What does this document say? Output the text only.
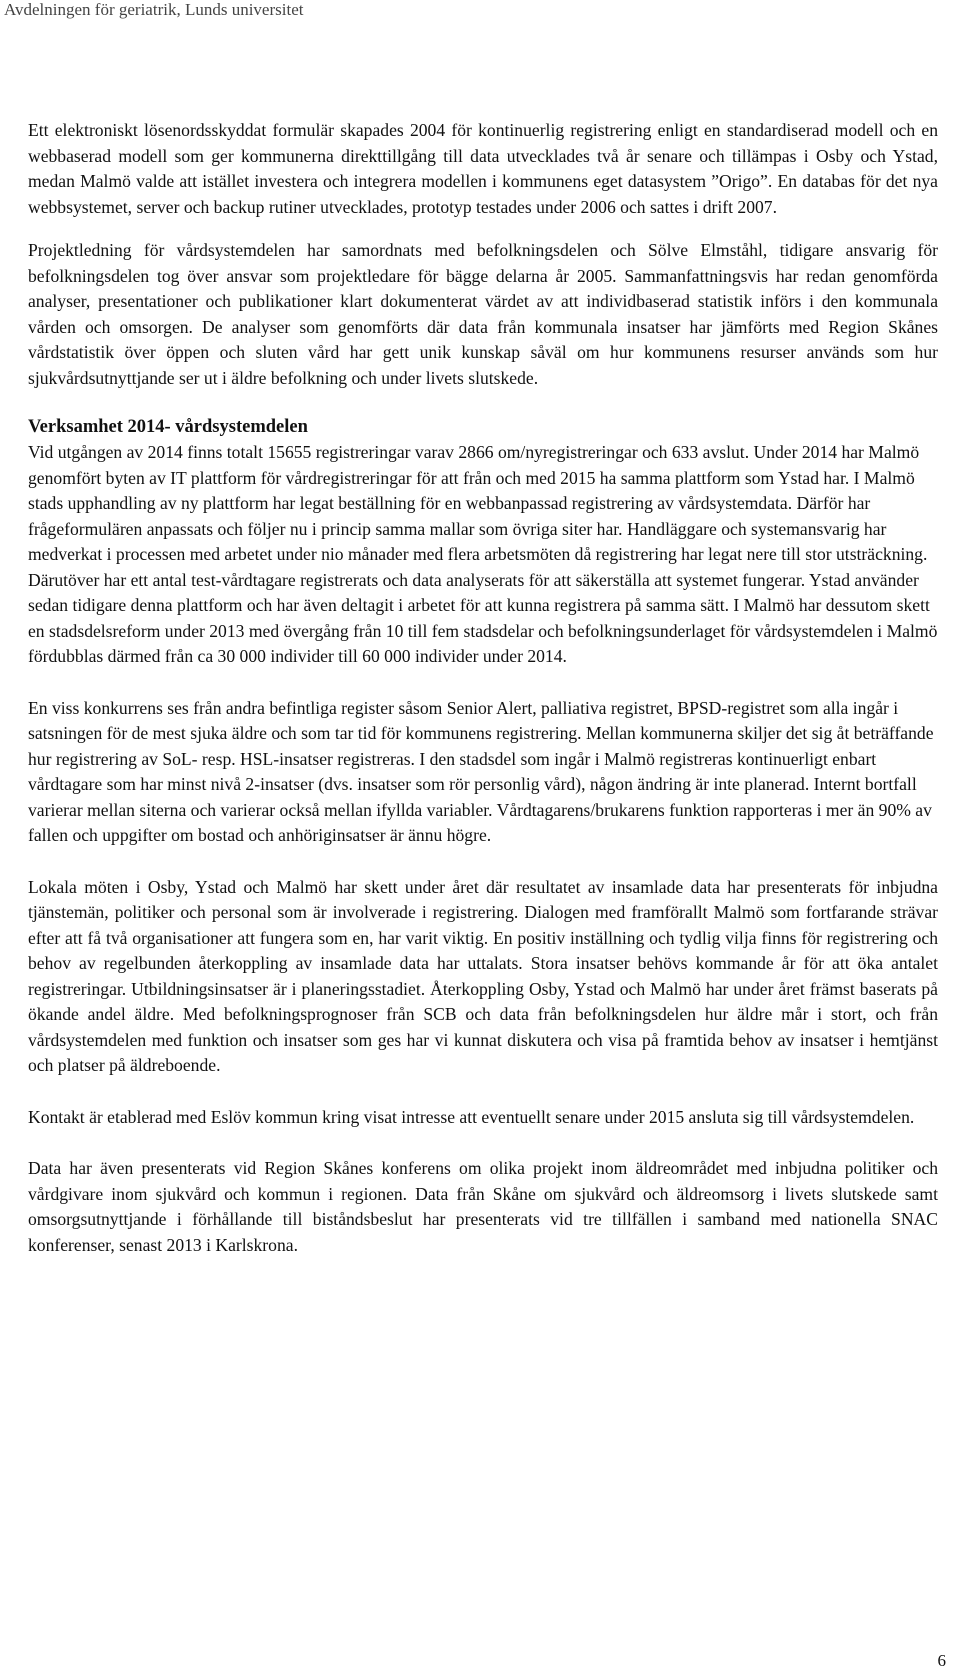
Avdelningen för geriatrik, Lunds universitet

Ett elektroniskt lösenordsskyddat formulär skapades 2004 för kontinuerlig registrering enligt en standardiserad modell och en webbaserad modell som ger kommunerna direkttillgång till data utvecklades två år senare och tillämpas i Osby och Ystad, medan Malmö valde att istället investera och integrera modellen i kommunens eget datasystem ”Origo”. En databas för det nya webbsystemet, server och backup rutiner utvecklades, prototyp testades under 2006 och sattes i drift 2007.

Projektledning för vårdsystemdelen har samordnats med befolkningsdelen och Sölve Elmståhl, tidigare ansvarig för befolkningsdelen tog över ansvar som projektledare för bägge delarna år 2005. Sammanfattningsvis har redan genomförda analyser, presentationer och publikationer klart dokumenterat värdet av att individbaserad statistik införs i den kommunala vården och omsorgen. De analyser som genomförts där data från kommunala insatser har jämförts med Region Skånes vårdstatistik över öppen och sluten vård har gett unik kunskap såväl om hur kommunens resurser används som hur sjukvårdsutnyttjande ser ut i äldre befolkning och under livets slutskede.

Verksamhet 2014- vårdsystemdelen

Vid utgången av 2014 finns totalt 15655 registreringar varav 2866 om/nyregistreringar och 633 avslut. Under 2014 har Malmö genomfört byten av IT plattform för vårdregistreringar för att från och med 2015 ha samma plattform som Ystad har. I Malmö stads upphandling av ny plattform har legat beställning för en webbanpassad registrering av vårdsystemdata. Därför har frågeformulären anpassats och följer nu i princip samma mallar som övriga siter har. Handläggare och systemansvarig har medverkat i processen med arbetet under nio månader med flera arbetsmöten då registrering har legat nere till stor utsträckning. Därutöver har ett antal test-vårdtagare registrerats och data analyserats för att säkerställa att systemet fungerar. Ystad använder sedan tidigare denna plattform och har även deltagit i arbetet för att kunna registrera på samma sätt. I Malmö har dessutom skett en stadsdelsreform under 2013 med övergång från 10 till fem stadsdelar och befolkningsunderlaget för vårdsystemdelen i Malmö fördubblas därmed från ca 30 000 individer till 60 000 individer under 2014.

En viss konkurrens ses från andra befintliga register såsom Senior Alert, palliativa registret, BPSD-registret som alla ingår i satsningen för de mest sjuka äldre och som tar tid för kommunens registrering. Mellan kommunerna skiljer det sig åt beträffande hur registrering av SoL- resp. HSL-insatser registreras. I den stadsdel som ingår i Malmö registreras kontinuerligt enbart vårdtagare som har minst nivå 2-insatser (dvs. insatser som rör personlig vård), någon ändring är inte planerad. Internt bortfall varierar mellan siterna och varierar också mellan ifyllda variabler. Vårdtagarens/brukarens funktion rapporteras i mer än 90% av fallen och uppgifter om bostad och anhöriginsatser är ännu högre.

Lokala möten i Osby, Ystad och Malmö har skett under året där resultatet av insamlade data har presenterats för inbjudna tjänstemän, politiker och personal som är involverade i registrering. Dialogen med framförallt Malmö som fortfarande strävar efter att få två organisationer att fungera som en, har varit viktig. En positiv inställning och tydlig vilja finns för registrering och behov av regelbunden återkoppling av insamlade data har uttalats. Stora insatser behövs kommande år för att öka antalet registreringar. Utbildningsinsatser är i planeringsstadiet. Återkoppling Osby, Ystad och Malmö har under året främst baserats på ökande andel äldre. Med befolkningsprognoser från SCB och data från befolkningsdelen hur äldre mår i stort, och från vårdsystemdelen med funktion och insatser som ges har vi kunnat diskutera och visa på framtida behov av insatser i hemtjänst och platser på äldreboende.

Kontakt är etablerad med Eslöv kommun kring visat intresse att eventuellt senare under 2015 ansluta sig till vårdsystemdelen.

Data har även presenterats vid Region Skånes konferens om olika projekt inom äldreområdet med inbjudna politiker och vårdgivare inom sjukvård och kommun i regionen. Data från Skåne om sjukvård och äldreomsorg i livets slutskede samt omsorgsutnyttjande i förhållande till biståndsbeslut har presenterats vid tre tillfällen i samband med nationella SNAC konferenser, senast 2013 i Karlskrona.

6
